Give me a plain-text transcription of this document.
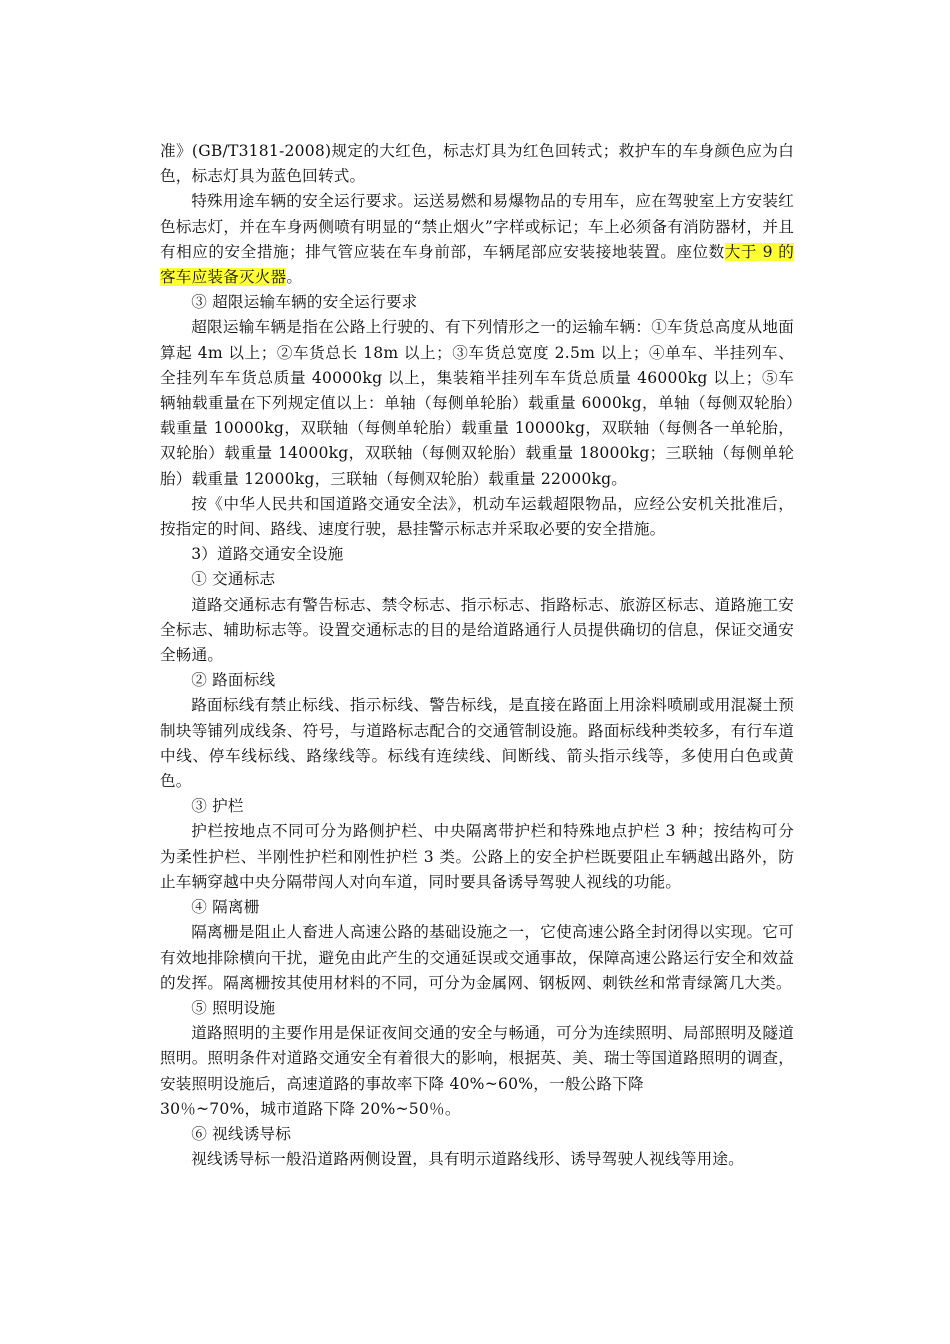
准》(GB/T3181-2008)规定的大红色，标志灯具为红色回转式；救护车的车身颜色应为白色，标志灯具为蓝色回转式。

特殊用途车辆的安全运行要求。运送易燃和易爆物品的专用车，应在驾驶室上方安装红色标志灯，并在车身两侧喷有明显的“禁止烟火”字样或标记；车上必须备有消防器材，并且有相应的安全措施；排气管应装在车身前部，车辆尾部应安装接地装置。座位数大于 9 的客车应装备灭火器。

③ 超限运输车辆的安全运行要求

超限运输车辆是指在公路上行驶的、有下列情形之一的运输车辆：①车货总高度从地面算起 4m 以上；②车货总长 18m 以上；③车货总宽度 2.5m 以上；④单车、半挂列车、全挂列车车货总质量 40000kg 以上，集装箱半挂列车车货总质量 46000kg 以上；⑤车辆轴载重量在下列规定值以上：单轴（每侧单轮胎）载重量 6000kg，单轴（每侧双轮胎）载重量 10000kg，双联轴（每侧单轮胎）载重量 10000kg，双联轴（每侧各一单轮胎，双轮胎）载重量 14000kg，双联轴（每侧双轮胎）载重量 18000kg；三联轴（每侧单轮胎）载重量 12000kg，三联轴（每侧双轮胎）载重量 22000kg。

按《中华人民共和国道路交通安全法》，机动车运载超限物品，应经公安机关批准后，按指定的时间、路线、速度行驶，悬挂警示标志并采取必要的安全措施。

3）道路交通安全设施

① 交通标志

道路交通标志有警告标志、禁令标志、指示标志、指路标志、旅游区标志、道路施工安全标志、辅助标志等。设置交通标志的目的是给道路通行人员提供确切的信息，保证交通安全畅通。

② 路面标线

路面标线有禁止标线、指示标线、警告标线，是直接在路面上用涂料喷刷或用混凝土预制块等铺列成线条、符号，与道路标志配合的交通管制设施。路面标线种类较多，有行车道中线、停车线标线、路缘线等。标线有连续线、间断线、箭头指示线等，多使用白色或黄色。

③ 护栏

护栏按地点不同可分为路侧护栏、中央隔离带护栏和特殊地点护栏 3 种；按结构可分为柔性护栏、半刚性护栏和刚性护栏 3 类。公路上的安全护栏既要阻止车辆越出路外，防止车辆穿越中央分隔带闯人对向车道，同时要具备诱导驾驶人视线的功能。

④ 隔离栅

隔离栅是阻止人畜进人高速公路的基础设施之一，它使高速公路全封闭得以实现。它可有效地排除横向干扰，避免由此产生的交通延误或交通事故，保障高速公路运行安全和效益的发挥。隔离栅按其使用材料的不同，可分为金属网、钢板网、刺铁丝和常青绿篱几大类。

⑤ 照明设施

道路照明的主要作用是保证夜间交通的安全与畅通，可分为连续照明、局部照明及隧道照明。照明条件对道路交通安全有着很大的影响，根据英、美、瑞士等国道路照明的调查，安装照明设施后，高速道路的事故率下降 40%~60%，一般公路下降

30％~70%，城市道路下降 20%~50％。

⑥ 视线诱导标

视线诱导标一般沿道路两侧设置，具有明示道路线形、诱导驾驶人视线等用途。
